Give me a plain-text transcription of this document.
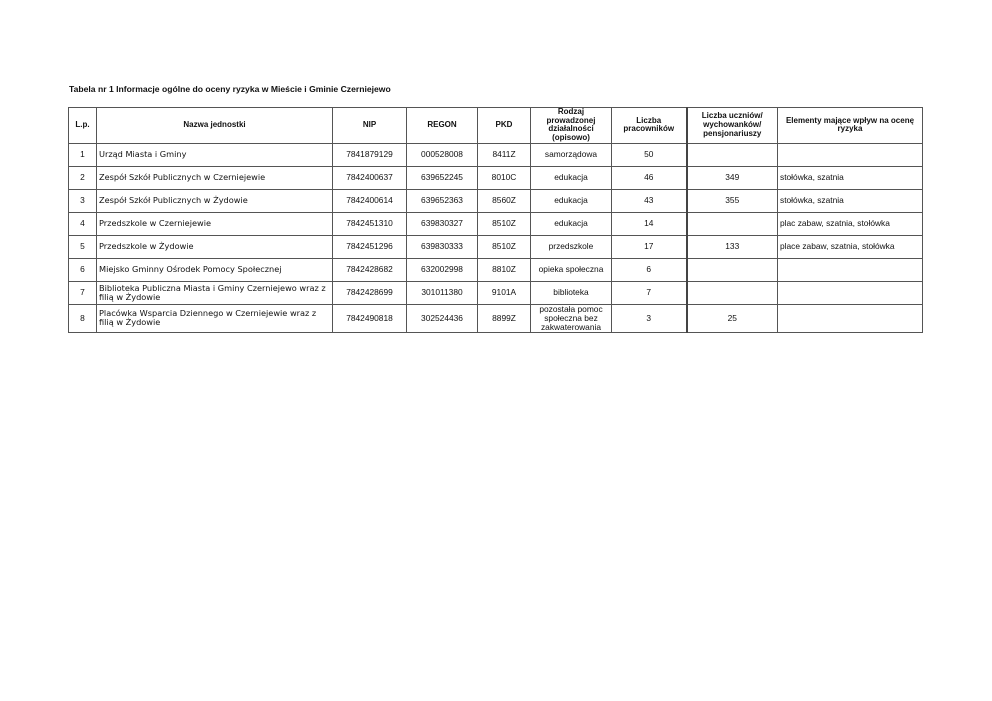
Tabela nr 1 Informacje ogólne do oceny ryzyka w Mieście i Gminie Czerniejewo
L.p.	Nazwa jednostki	NIP	REGON	PKD	Rodzaj prowadzonej działalności (opisowo)	Liczba pracowników	Liczba uczniów/ wychowanków/ pensjonariuszy	Elementy mające wpływ na ocenę ryzyka
1	Urząd Miasta i Gminy	7841879129	000528008	8411Z	samorządowa	50		
2	Zespół Szkół Publicznych w Czerniejewie	7842400637	639652245	8010C	edukacja	46	349	stołówka, szatnia
3	Zespół Szkół Publicznych w Żydowie	7842400614	639652363	8560Z	edukacja	43	355	stołówka, szatnia
4	Przedszkole w Czerniejewie	7842451310	639830327	8510Z	edukacja	14		plac zabaw, szatnia, stołówka
5	Przedszkole w Żydowie	7842451296	639830333	8510Z	przedszkole	17	133	place zabaw, szatnia, stołówka
6	Miejsko Gminny Ośrodek Pomocy Społecznej	7842428682	632002998	8810Z	opieka społeczna	6		
7	Biblioteka Publiczna Miasta i Gminy Czerniejewo wraz z filią w Żydowie	7842428699	301011380	9101A	biblioteka	7		
8	Placówka Wsparcia Dziennego w Czerniejewie wraz z filią w Żydowie	7842490818	302524436	8899Z	pozostała pomoc społeczna bez zakwaterowania	3	25	
